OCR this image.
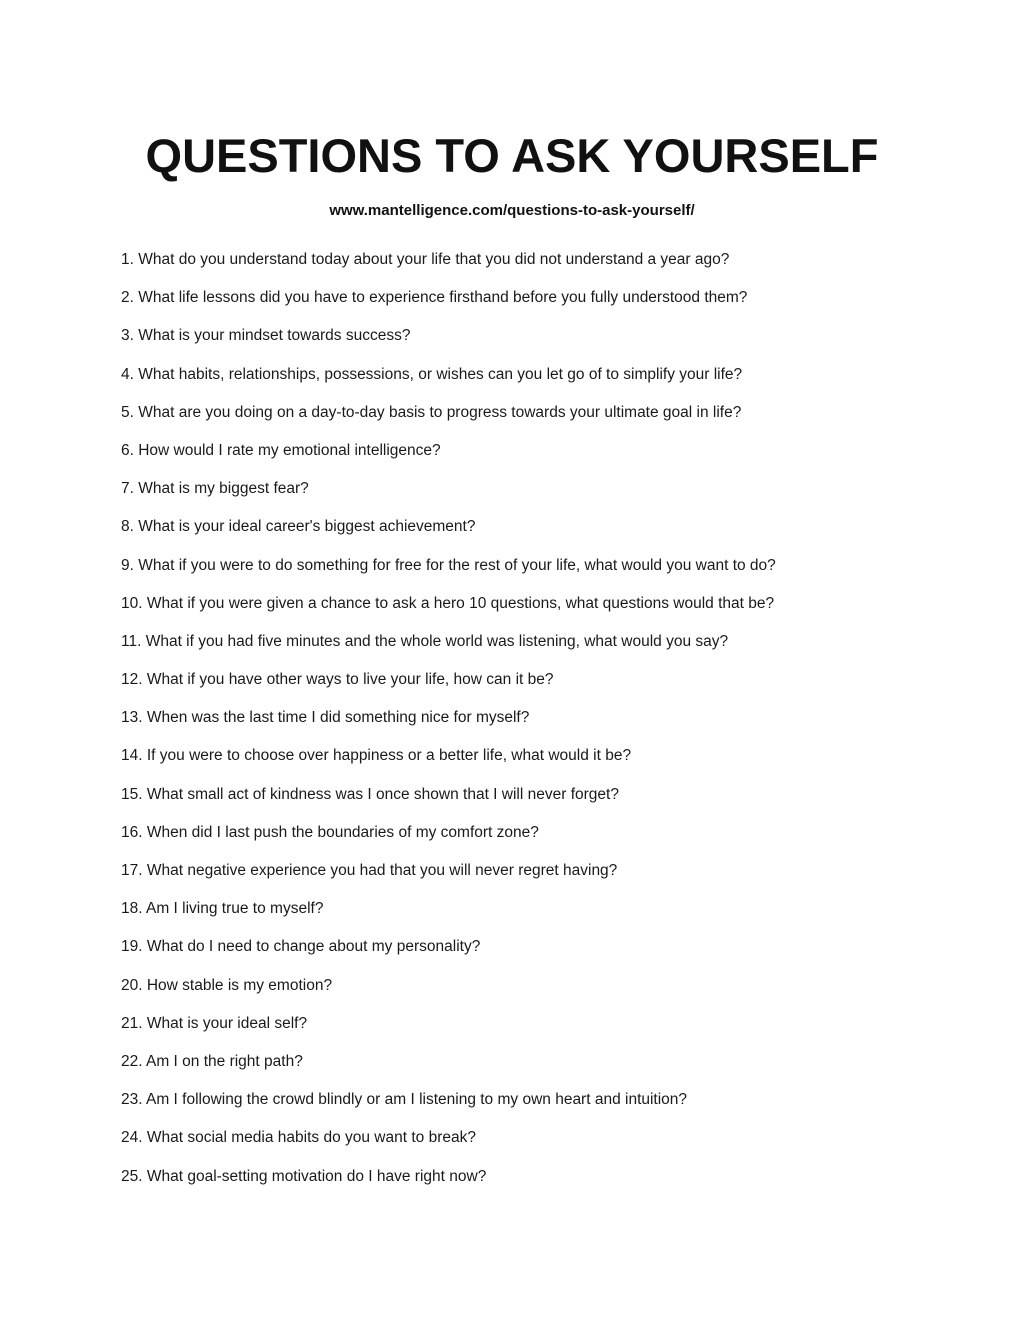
QUESTIONS TO ASK YOURSELF
www.mantelligence.com/questions-to-ask-yourself/
1. What do you understand today about your life that you did not understand a year ago?
2. What life lessons did you have to experience firsthand before you fully understood them?
3. What is your mindset towards success?
4. What habits, relationships, possessions, or wishes can you let go of to simplify your life?
5. What are you doing on a day-to-day basis to progress towards your ultimate goal in life?
6. How would I rate my emotional intelligence?
7. What is my biggest fear?
8. What is your ideal career's biggest achievement?
9. What if you were to do something for free for the rest of your life, what would you want to do?
10. What if you were given a chance to ask a hero 10 questions, what questions would that be?
11. What if you had five minutes and the whole world was listening, what would you say?
12. What if you have other ways to live your life, how can it be?
13. When was the last time I did something nice for myself?
14. If you were to choose over happiness or a better life, what would it be?
15. What small act of kindness was I once shown that I will never forget?
16. When did I last push the boundaries of my comfort zone?
17. What negative experience you had that you will never regret having?
18. Am I living true to myself?
19. What do I need to change about my personality?
20. How stable is my emotion?
21. What is your ideal self?
22. Am I on the right path?
23. Am I following the crowd blindly or am I listening to my own heart and intuition?
24. What social media habits do you want to break?
25. What goal-setting motivation do I have right now?
